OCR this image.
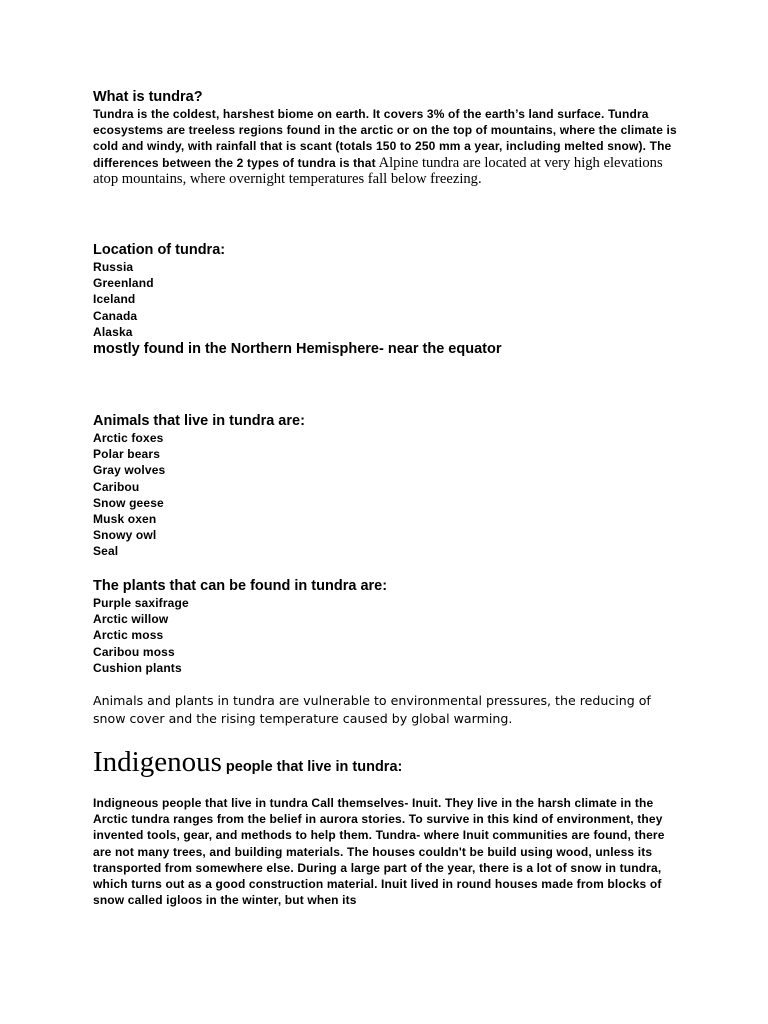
What is tundra?

Tundra is the coldest, harshest biome on earth. It covers 3% of the earth’s land surface. Tundra ecosystems are treeless regions found in the arctic or on the top of mountains, where the climate is cold and windy, with rainfall that is scant (totals 150 to 250 mm a year, including melted snow). The differences between the 2 types of tundra is that Alpine tundra are located at very high elevations atop mountains, where overnight temperatures fall below freezing.

Location of tundra:

Russia
Greenland
Iceland
Canada
Alaska

mostly found in the Northern Hemisphere- near the equator

Animals that live in tundra are:

Arctic foxes
Polar bears
Gray wolves
Caribou
Snow geese
Musk oxen
Snowy owl
Seal

The plants that can be found in tundra are:

Purple saxifrage
Arctic willow
Arctic moss
Caribou moss
Cushion plants

Animals and plants in tundra are vulnerable to environmental pressures, the reducing of snow cover and the rising temperature caused by global warming.

Indigenous people that live in tundra:

Indigneous people that live in tundra Call themselves- Inuit. They live in the harsh climate in the Arctic tundra ranges from the belief in aurora stories. To survive in this kind of environment, they invented tools, gear, and methods to help them. Tundra- where Inuit communities are found, there are not many trees, and building materials. The houses couldn't be build using wood, unless its transported from somewhere else. During a large part of the year, there is a lot of snow in tundra, which turns out as a good construction material. Inuit lived in round houses made from blocks of snow called igloos in the winter, but when its
